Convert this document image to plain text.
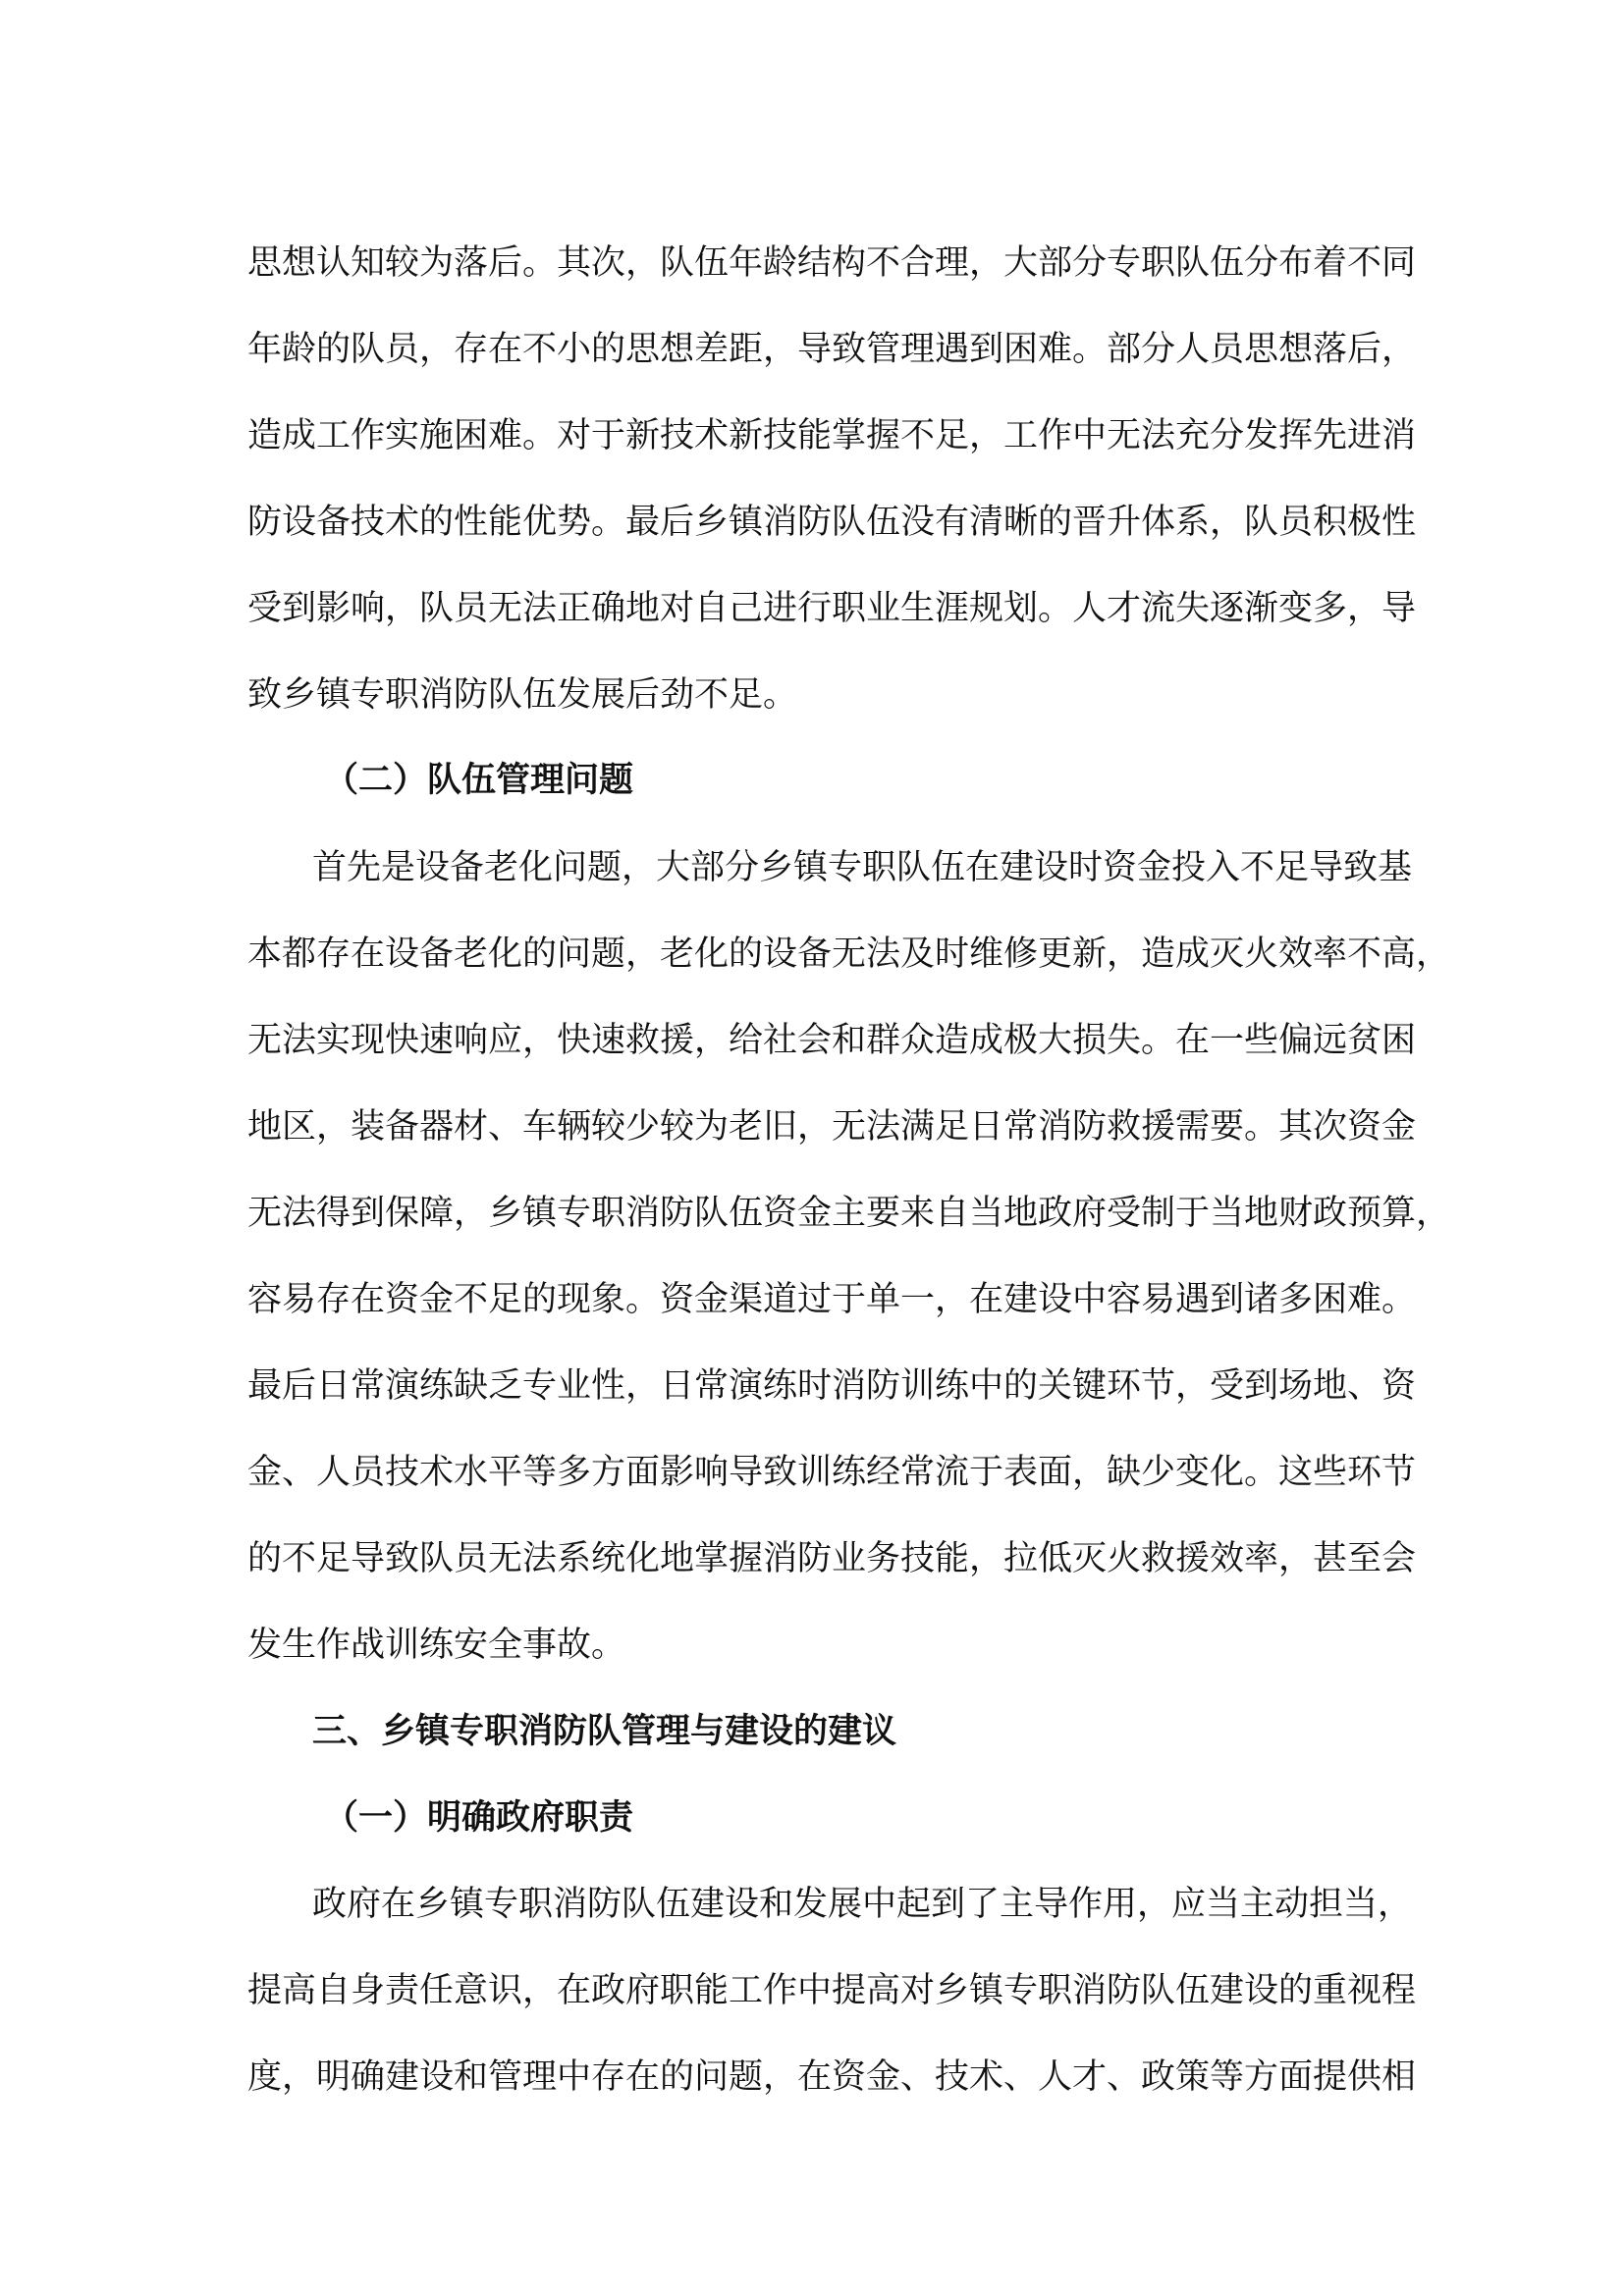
思想认知较为落后。其次，队伍年龄结构不合理，大部分专职队伍分布着不同
年龄的队员，存在不小的思想差距，导致管理遇到困难。部分人员思想落后，
造成工作实施困难。对于新技术新技能掌握不足，工作中无法充分发挥先进消
防设备技术的性能优势。最后乡镇消防队伍没有清晰的晋升体系，队员积极性
受到影响，队员无法正确地对自己进行职业生涯规划。人才流失逐渐变多，导
致乡镇专职消防队伍发展后劲不足。
（二）队伍管理问题
首先是设备老化问题，大部分乡镇专职队伍在建设时资金投入不足导致基
本都存在设备老化的问题，老化的设备无法及时维修更新，造成灭火效率不高，
无法实现快速响应，快速救援，给社会和群众造成极大损失。在一些偏远贫困
地区，装备器材、车辆较少较为老旧，无法满足日常消防救援需要。其次资金
无法得到保障，乡镇专职消防队伍资金主要来自当地政府受制于当地财政预算，
容易存在资金不足的现象。资金渠道过于单一，在建设中容易遇到诸多困难。
最后日常演练缺乏专业性，日常演练时消防训练中的关键环节，受到场地、资
金、人员技术水平等多方面影响导致训练经常流于表面，缺少变化。这些环节
的不足导致队员无法系统化地掌握消防业务技能，拉低灭火救援效率，甚至会
发生作战训练安全事故。
三、乡镇专职消防队管理与建设的建议
（一）明确政府职责
政府在乡镇专职消防队伍建设和发展中起到了主导作用，应当主动担当，
提高自身责任意识，在政府职能工作中提高对乡镇专职消防队伍建设的重视程
度，明确建设和管理中存在的问题，在资金、技术、人才、政策等方面提供相
